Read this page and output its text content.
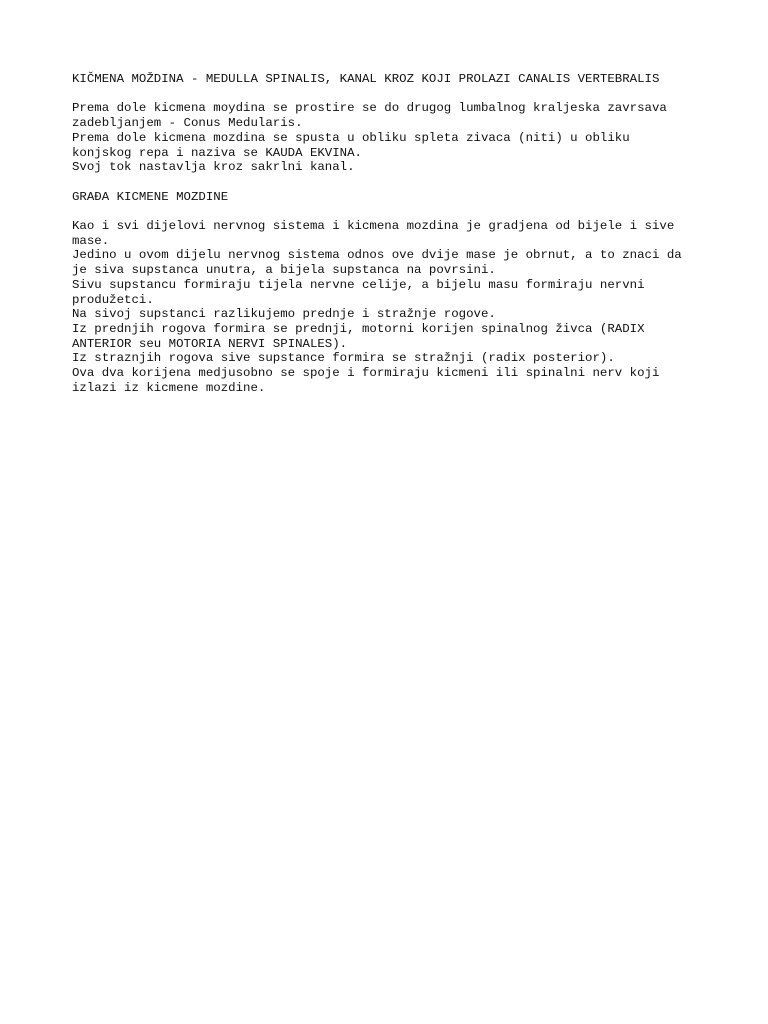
KIČMENA MOŽDINA - MEDULLA SPINALIS, KANAL KROZ KOJI PROLAZI CANALIS VERTEBRALIS
Prema dole kicmena moydina se prostire se do drugog lumbalnog kraljeska zavrsava
zadebljanjem - Conus Medularis.
Prema dole kicmena mozdina se spusta u obliku spleta zivaca (niti) u obliku
konjskog repa i naziva se KAUDA EKVINA.
Svoj tok nastavlja kroz sakrlni kanal.
GRAĐA KICMENE MOZDINE
Kao i svi dijelovi nervnog sistema i kicmena mozdina je gradjena od bijele i sive
mase.
Jedino u ovom dijelu nervnog sistema odnos ove dvije mase je obrnut, a to znaci da
je siva supstanca unutra, a bijela supstanca na povrsini.
Sivu supstancu formiraju tijela nervne celije, a bijelu masu formiraju nervni
produžetci.
Na sivoj supstanci razlikujemo prednje i stražnje rogove.
Iz prednjih rogova formira se prednji, motorni korijen spinalnog živca (RADIX
ANTERIOR seu MOTORIA NERVI SPINALES).
Iz straznjih rogova sive supstance formira se stražnji (radix posterior).
Ova dva korijena medjusobno se spoje i formiraju kicmeni ili spinalni nerv koji
izlazi iz kicmene mozdine.
